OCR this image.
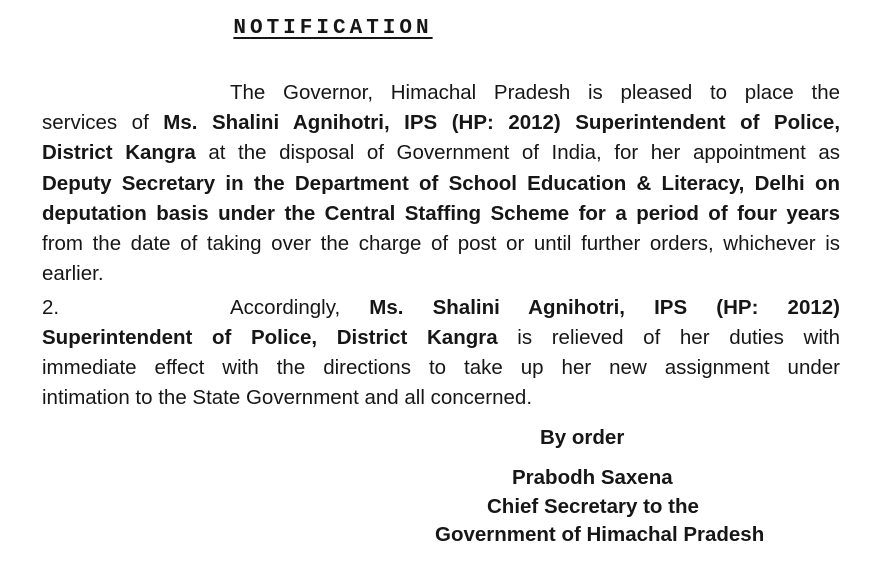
NOTIFICATION
The Governor, Himachal Pradesh is pleased to place the
services of Ms. Shalini Agnihotri, IPS (HP: 2012) Superintendent of Police,
District Kangra at the disposal of Government of India, for her appointment as
Deputy Secretary in the Department of School Education & Literacy, Delhi on
deputation basis under the Central Staffing Scheme for a period of four years
from the date of taking over the charge of post or until further orders, whichever is
earlier.
2.	Accordingly, Ms. Shalini Agnihotri, IPS (HP: 2012)
Superintendent of Police, District Kangra is relieved of her duties with
immediate effect with the directions to take up her new assignment under
intimation to the State Government and all concerned.
By order
Prabodh Saxena
Chief Secretary to the
Government of Himachal Pradesh
